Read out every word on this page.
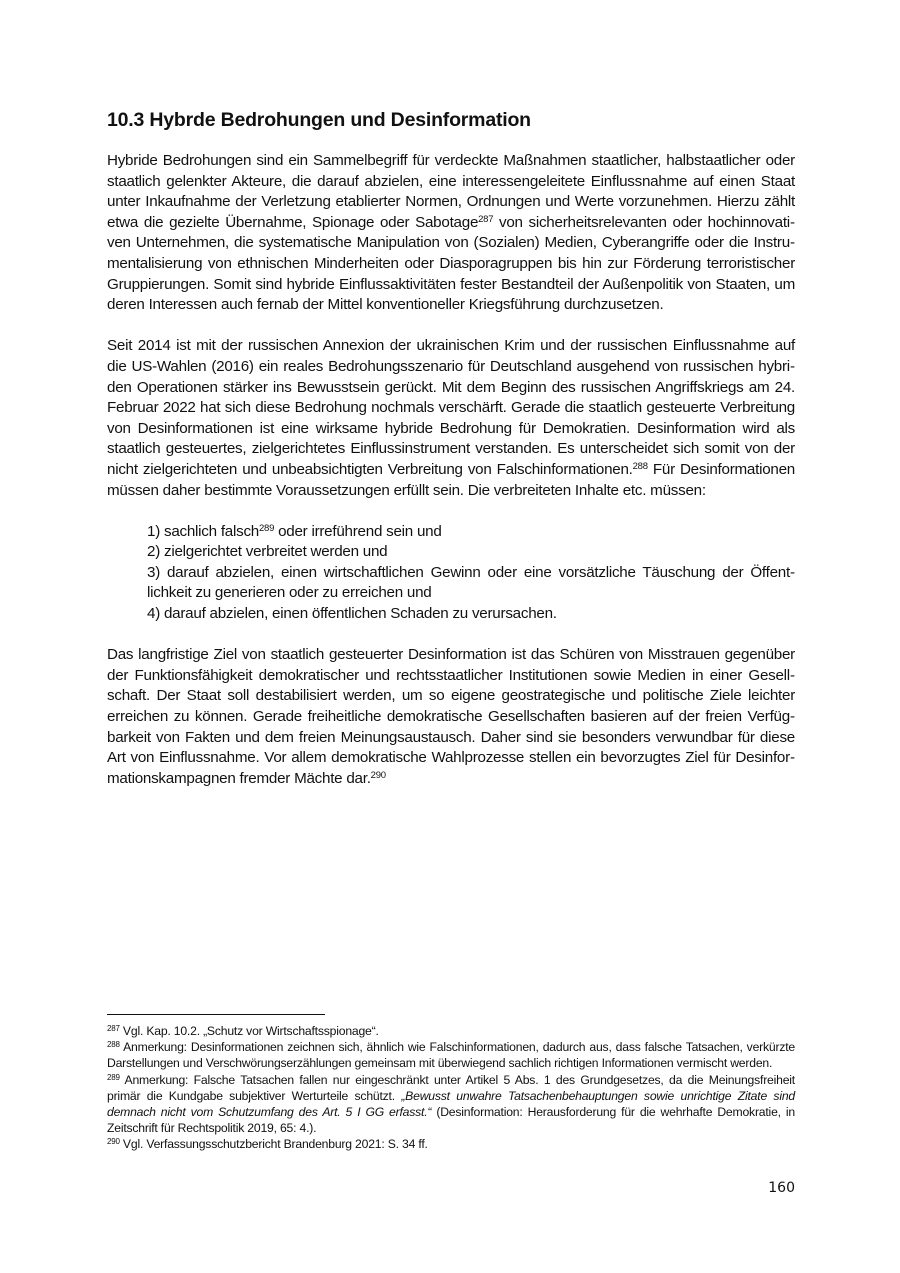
10.3 Hybrde Bedrohungen und Desinformation

Hybride Bedrohungen sind ein Sammelbegriff für verdeckte Maßnahmen staatlicher, halbstaatlicher oder staatlich gelenkter Akteure, die darauf abzielen, eine interessengeleitete Einflussnahme auf einen Staat unter Inkaufnahme der Verletzung etablierter Normen, Ordnungen und Werte vorzunehmen. Hierzu zählt etwa die gezielte Übernahme, Spionage oder Sabotage$^{287}$ von sicherheitsrelevanten oder hochinnovativen Unternehmen, die systematische Manipulation von (Sozialen) Medien, Cyberangriffe oder die Instrumentalisierung von ethnischen Minderheiten oder Diasporagruppen bis hin zur Förderung terroristischer Gruppierungen. Somit sind hybride Einflussaktivitäten fester Bestandteil der Außenpolitik von Staaten, um deren Interessen auch fernab der Mittel konventioneller Kriegsführung durchzusetzen.

Seit 2014 ist mit der russischen Annexion der ukrainischen Krim und der russischen Einflussnahme auf die US-Wahlen (2016) ein reales Bedrohungsszenario für Deutschland ausgehend von russischen hybriden Operationen stärker ins Bewusstsein gerückt. Mit dem Beginn des russischen Angriffskriegs am 24. Februar 2022 hat sich diese Bedrohung nochmals verschärft. Gerade die staatlich gesteuerte Verbreitung von Desinformationen ist eine wirksame hybride Bedrohung für Demokratien. Desinformation wird als staatlich gesteuertes, zielgerichtetes Einflussinstrument verstanden. Es unterscheidet sich somit von der nicht zielgerichteten und unbeabsichtigten Verbreitung von Falschinformationen.$^{288}$ Für Desinformationen müssen daher bestimmte Voraussetzungen erfüllt sein. Die verbreiteten Inhalte etc. müssen:

1) sachlich falsch$^{289}$ oder irreführend sein und
2) zielgerichtet verbreitet werden und
3) darauf abzielen, einen wirtschaftlichen Gewinn oder eine vorsätzliche Täuschung der Öffentlichkeit zu generieren oder zu erreichen und
4) darauf abzielen, einen öffentlichen Schaden zu verursachen.

Das langfristige Ziel von staatlich gesteuerter Desinformation ist das Schüren von Misstrauen gegenüber der Funktionsfähigkeit demokratischer und rechtsstaatlicher Institutionen sowie Medien in einer Gesellschaft. Der Staat soll destabilisiert werden, um so eigene geostrategische und politische Ziele leichter erreichen zu können. Gerade freiheitliche demokratische Gesellschaften basieren auf der freien Verfügbarkeit von Fakten und dem freien Meinungsaustausch. Daher sind sie besonders verwundbar für diese Art von Einflussnahme. Vor allem demokratische Wahlprozesse stellen ein bevorzugtes Ziel für Desinformationskampagnen fremder Mächte dar.$^{290}$

$^{287}$ Vgl. Kap. 10.2. „Schutz vor Wirtschaftsspionage“.

$^{288}$ Anmerkung: Desinformationen zeichnen sich, ähnlich wie Falschinformationen, dadurch aus, dass falsche Tatsachen, verkürzte Darstellungen und Verschwörungserzählungen gemeinsam mit überwiegend sachlich richtigen Informationen vermischt werden.

$^{289}$ Anmerkung: Falsche Tatsachen fallen nur eingeschränkt unter Artikel 5 Abs. 1 des Grundgesetzes, da die Meinungsfreiheit primär die Kundgabe subjektiver Werturteile schützt. „Bewusst unwahre Tatsachenbehauptungen sowie unrichtige Zitate sind demnach nicht vom Schutzumfang des Art. 5 I GG erfasst.“ (Desinformation: Herausforderung für die wehrhafte Demokratie, in Zeitschrift für Rechtspolitik 2019, 65: 4.).

$^{290}$ Vgl. Verfassungsschutzbericht Brandenburg 2021: S. 34 ff.

160
